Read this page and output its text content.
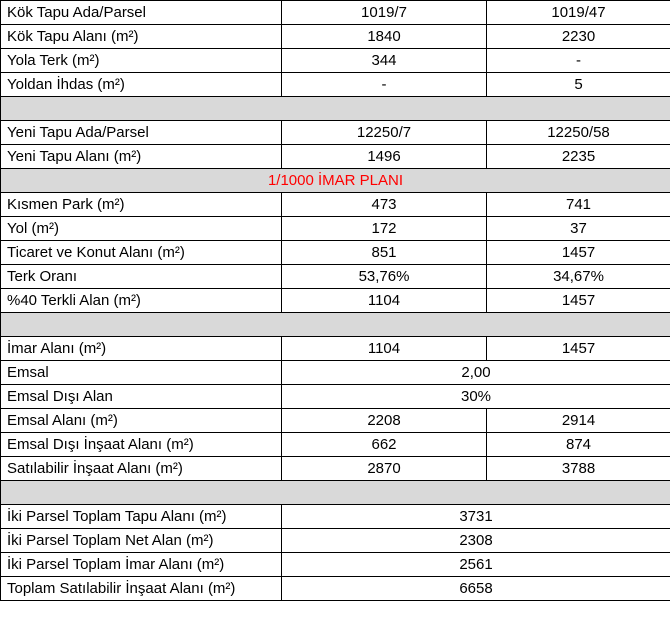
Kök Tapu Ada/Parsel	1019/7	1019/47
Kök Tapu Alanı (m²)	1840	2230
Yola Terk (m²)	344	-
Yoldan İhdas (m²)	-	5

Yeni Tapu Ada/Parsel	12250/7	12250/58
Yeni Tapu Alanı (m²)	1496	2235
1/1000 İMAR PLANI		
Kısmen Park (m²)	473	741
Yol (m²)	172	37
Ticaret ve Konut Alanı (m²)	851	1457
Terk Oranı	53,76%	34,67%
%40 Terkli Alan (m²)	1104	1457

İmar Alanı (m²)	1104	1457
Emsal	2,00	
Emsal Dışı Alan	30%	
Emsal Alanı (m²)	2208	2914
Emsal Dışı İnşaat Alanı (m²)	662	874
Satılabilir İnşaat Alanı (m²)	2870	3788

İki Parsel Toplam Tapu Alanı (m²)	3731	
İki Parsel Toplam Net Alan (m²)	2308	
İki Parsel Toplam İmar Alanı (m²)	2561	
Toplam Satılabilir İnşaat Alanı (m²)	6658	
